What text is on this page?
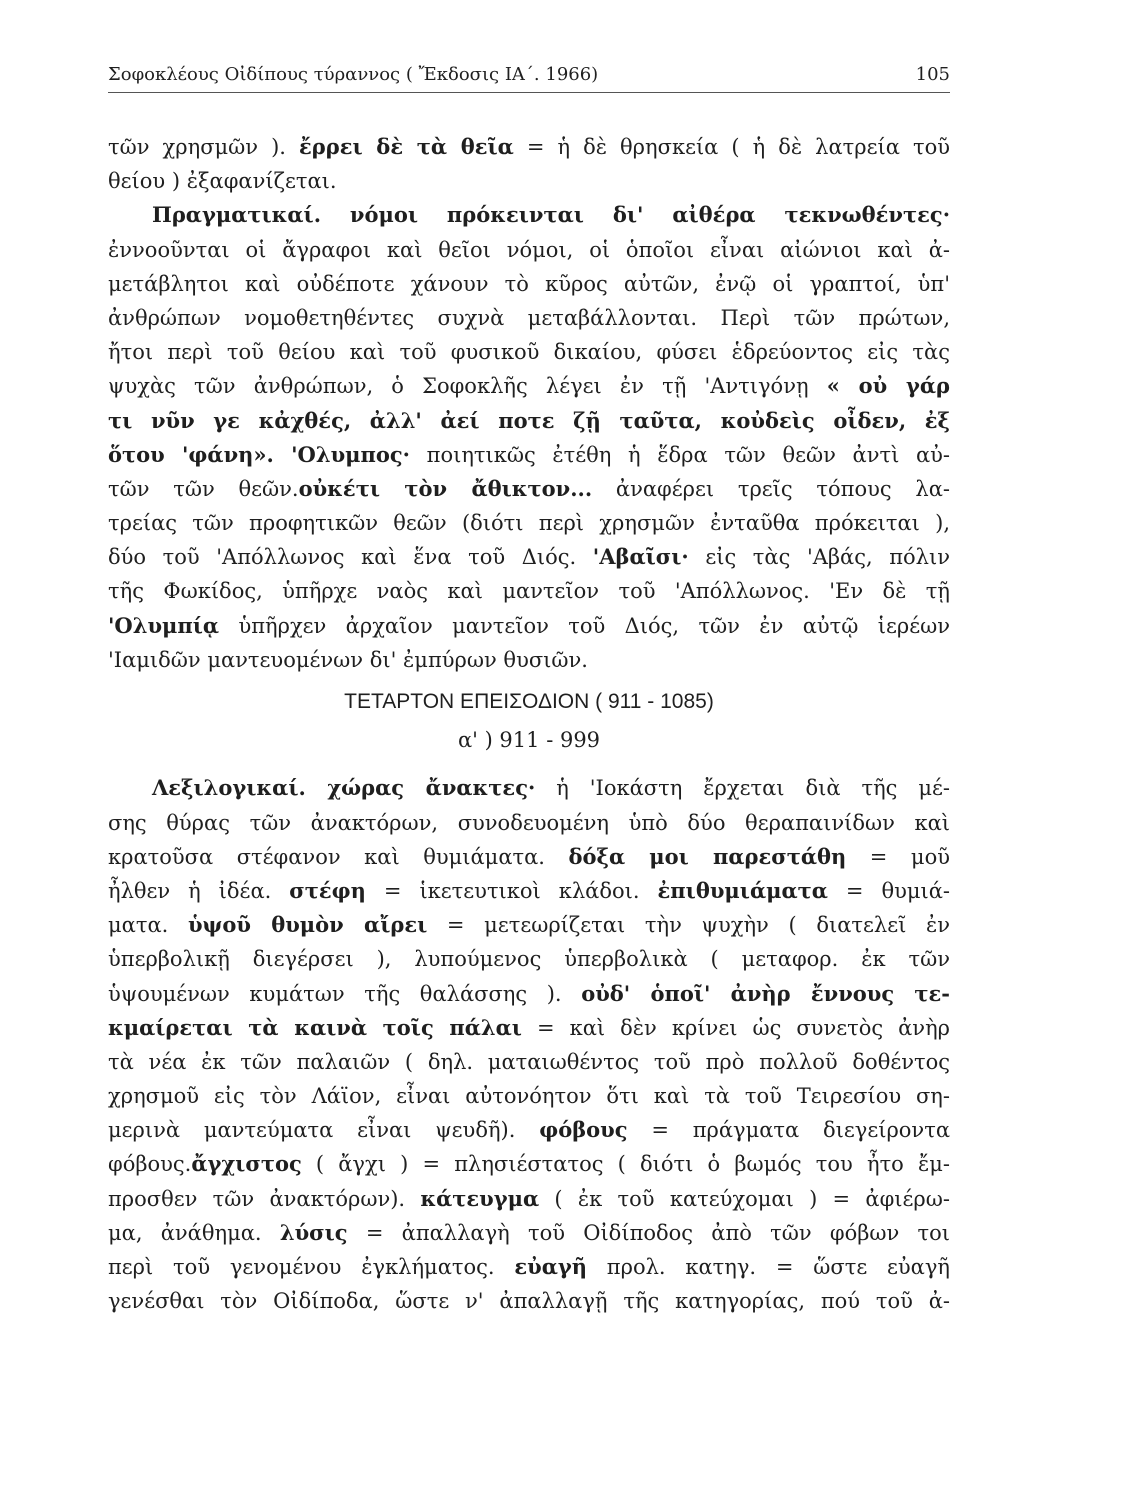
Σοφοκλέους Οἰδίπους τύραννος ( Ἔκδοσις ΙΑ΄. 1966)	105
τῶν χρησμῶν ). ἔρρει δὲ τὰ θεῖα = ἡ δὲ θρησκεία ( ἡ δὲ λατρεία τοῦ
θείου ) ἐξαφανίζεται.
Πραγματικαί. νόμοι πρόκεινται δι' αἰθέρα τεκνωθέντες·
ἐννοοῦνται οἱ ἄγραφοι καὶ θεῖοι νόμοι, οἱ ὁποῖοι εἶναι αἰώνιοι καὶ ἀ-
μετάβλητοι καὶ οὐδέποτε χάνουν τὸ κῦρος αὐτῶν, ἐνῷ οἱ γραπτοί, ὑπ'
ἀνθρώπων νομοθετηθέντες συχνὰ μεταβάλλονται. Περὶ τῶν πρώτων,
ἤτοι περὶ τοῦ θείου καὶ τοῦ φυσικοῦ δικαίου, φύσει ἑδρεύοντος εἰς τὰς
ψυχὰς τῶν ἀνθρώπων, ὁ Σοφοκλῆς λέγει ἐν τῇ 'Αντιγόνῃ « οὐ γάρ
τι νῦν γε κἀχθές, ἀλλ' ἀεί ποτε ζῇ ταῦτα, κοὐδεὶς οἶδεν, ἐξ
ὅτου 'φάνη». 'Ολυμπος· ποιητικῶς ἐτέθη ἡ ἕδρα τῶν θεῶν ἀντὶ αὐ-
τῶν τῶν θεῶν.οὐκέτι τὸν ἄθικτον... ἀναφέρει τρεῖς τόπους λα-
τρείας τῶν προφητικῶν θεῶν (διότι περὶ χρησμῶν ἐνταῦθα πρόκειται ),
δύο τοῦ 'Απόλλωνος καὶ ἕνα τοῦ Διός. 'Αβαῖσι· εἰς τὰς 'Αβάς, πόλιν
τῆς Φωκίδος, ὑπῆρχε ναὸς καὶ μαντεῖον τοῦ 'Απόλλωνος. 'Εν δὲ τῇ
'Ολυμπίᾳ ὑπῆρχεν ἀρχαῖον μαντεῖον τοῦ Διός, τῶν ἐν αὐτῷ ἱερέων
'Ιαμιδῶν μαντευομένων δι' ἐμπύρων θυσιῶν.
ΤΕΤΑΡΤΟΝ ΕΠΕΙΣΟΔΙΟΝ ( 911 - 1085)
α' ) 911 - 999
Λεξιλογικαί. χώρας ἄνακτες· ἡ 'Ιοκάστη ἔρχεται διὰ τῆς μέ-
σης θύρας τῶν ἀνακτόρων, συνοδευομένη ὑπὸ δύο θεραπαινίδων καὶ
κρατοῦσα στέφανον καὶ θυμιάματα. δόξα μοι παρεστάθη = μοῦ
ἦλθεν ἡ ἰδέα. στέφη = ἱκετευτικοὶ κλάδοι. ἐπιθυμιάματα = θυμιά-
ματα. ὑψοῦ θυμὸν αἴρει = μετεωρίζεται τὴν ψυχὴν ( διατελεῖ ἐν
ὑπερβολικῇ διεγέρσει ), λυπούμενος ὑπερβολικὰ ( μεταφορ. ἐκ τῶν
ὑψουμένων κυμάτων τῆς θαλάσσης ). οὐδ' ὁποῖ' ἀνὴρ ἔννους τε-
κμαίρεται τὰ καινὰ τοῖς πάλαι = καὶ δὲν κρίνει ὡς συνετὸς ἀνὴρ
τὰ νέα ἐκ τῶν παλαιῶν ( δηλ. ματαιωθέντος τοῦ πρὸ πολλοῦ δοθέντος
χρησμοῦ εἰς τὸν Λάϊον, εἶναι αὐτονόητον ὅτι καὶ τὰ τοῦ Τειρεσίου ση-
μερινὰ μαντεύματα εἶναι ψευδῆ). φόβους = πράγματα διεγείροντα
φόβους.ἄγχιστος ( ἄγχι ) = πλησιέστατος ( διότι ὁ βωμός του ἦτο ἔμ-
προσθεν τῶν ἀνακτόρων). κάτευγμα ( ἐκ τοῦ κατεύχομαι ) = ἀφιέρω-
μα, ἀνάθημα. λύσις = ἀπαλλαγὴ τοῦ Οἰδίποδος ἀπὸ τῶν φόβων τοι
περὶ τοῦ γενομένου ἐγκλήματος. εὐαγῆ προλ. κατηγ. = ὥστε εὐαγῆ
γενέσθαι τὸν Οἰδίποδα, ὥστε ν' ἀπαλλαγῇ τῆς κατηγορίας, πού τοῦ ἀ-
